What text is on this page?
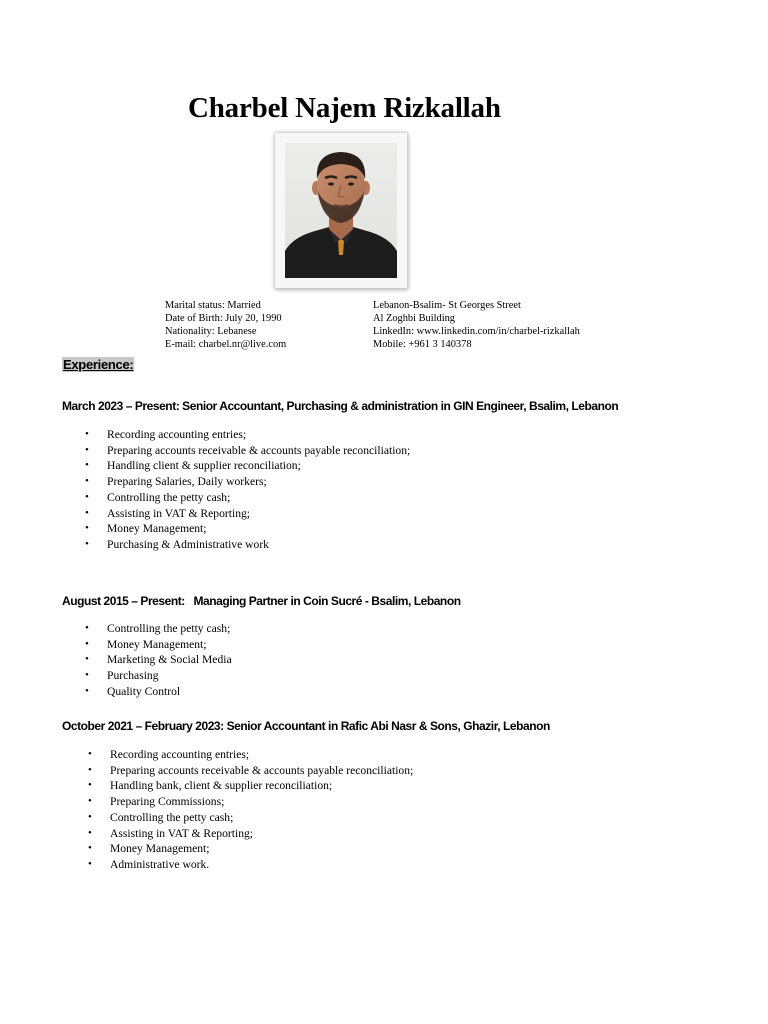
Charbel Najem Rizkallah
Marital status: Married
Date of Birth: July 20, 1990
Nationality: Lebanese
E-mail: charbel.nr@live.com
Lebanon-Bsalim- St Georges Street
Al Zoghbi Building
LinkedIn: www.linkedin.com/in/charbel-rizkallah
Mobile: +961 3 140378
Experience:
March 2023 – Present: Senior Accountant, Purchasing & administration in GIN Engineer, Bsalim, Lebanon
• Recording accounting entries;
• Preparing accounts receivable & accounts payable reconciliation;
• Handling client & supplier reconciliation;
• Preparing Salaries, Daily workers;
• Controlling the petty cash;
• Assisting in VAT & Reporting;
• Money Management;
• Purchasing & Administrative work
August 2015 – Present:   Managing Partner in Coin Sucré - Bsalim, Lebanon
• Controlling the petty cash;
• Money Management;
• Marketing & Social Media
• Purchasing
• Quality Control
October 2021 – February 2023: Senior Accountant in Rafic Abi Nasr & Sons, Ghazir, Lebanon
• Recording accounting entries;
• Preparing accounts receivable & accounts payable reconciliation;
• Handling bank, client & supplier reconciliation;
• Preparing Commissions;
• Controlling the petty cash;
• Assisting in VAT & Reporting;
• Money Management;
• Administrative work.
